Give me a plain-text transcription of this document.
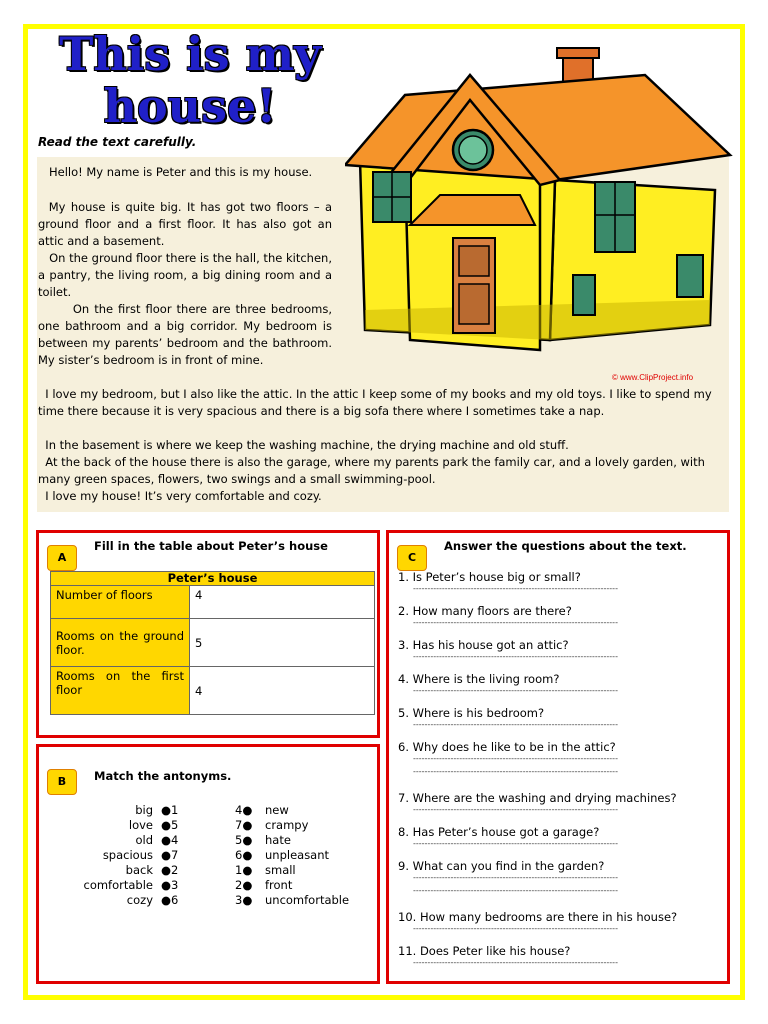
This is my
house!
Read the text carefully.

Hello! My name is Peter and this is my house.

My house is quite big. It has got two floors – a ground floor and a first floor. It has also got an attic and a basement.

On the ground floor there is the hall, the kitchen, a pantry, the living room, a big dining room and a toilet.

On the first floor there are three bedrooms, one bathroom and a big corridor. My bedroom is between my parents’ bedroom and the bathroom. My sister’s bedroom is in front of mine.

I love my bedroom, but I also like the attic. In the attic I keep some of my books and my old toys. I like to spend my time there because it is very spacious and there is a big sofa there where I sometimes take a nap.

In the basement is where we keep the washing machine, the drying machine and old stuff.

At the back of the house there is also the garage, where my parents park the family car, and a lovely garden, with many green spaces, flowers, two swings and a small swimming-pool.

I love my house! It’s very comfortable and cozy.

© www.ClipProject.info
A
Fill in the table about Peter’s house
Peter’s house	
Number of floors	4
Rooms on the ground floor.	5
Rooms on the first floor	4
B	Match the antonyms.
big ●1	4● new
love ●5	7● crampy
old ●4	5● hate
spacious ●7	6● unpleasant
back ●2	1● small
comfortable ●3	2● front
cozy ●6	3● uncomfortable
C
Answer the questions about the text.
1. Is Peter’s house big or small?
-----------------------------------------------------------------------
2. How many floors are there?
-----------------------------------------------------------------------
3. Has his house got an attic?
-----------------------------------------------------------------------
4. Where is the living room?
-----------------------------------------------------------------------
5. Where is his bedroom?
-----------------------------------------------------------------------
6. Why does he like to be in the attic?
-----------------------------------------------------------------------
-----------------------------------------------------------------------
7. Where are the washing and drying machines?
-----------------------------------------------------------------------
8. Has Peter’s house got a garage?
-----------------------------------------------------------------------
9. What can you find in the garden?
-----------------------------------------------------------------------
-----------------------------------------------------------------------
10. How many bedrooms are there in his house?
-----------------------------------------------------------------------
11. Does Peter like his house?
-----------------------------------------------------------------------
